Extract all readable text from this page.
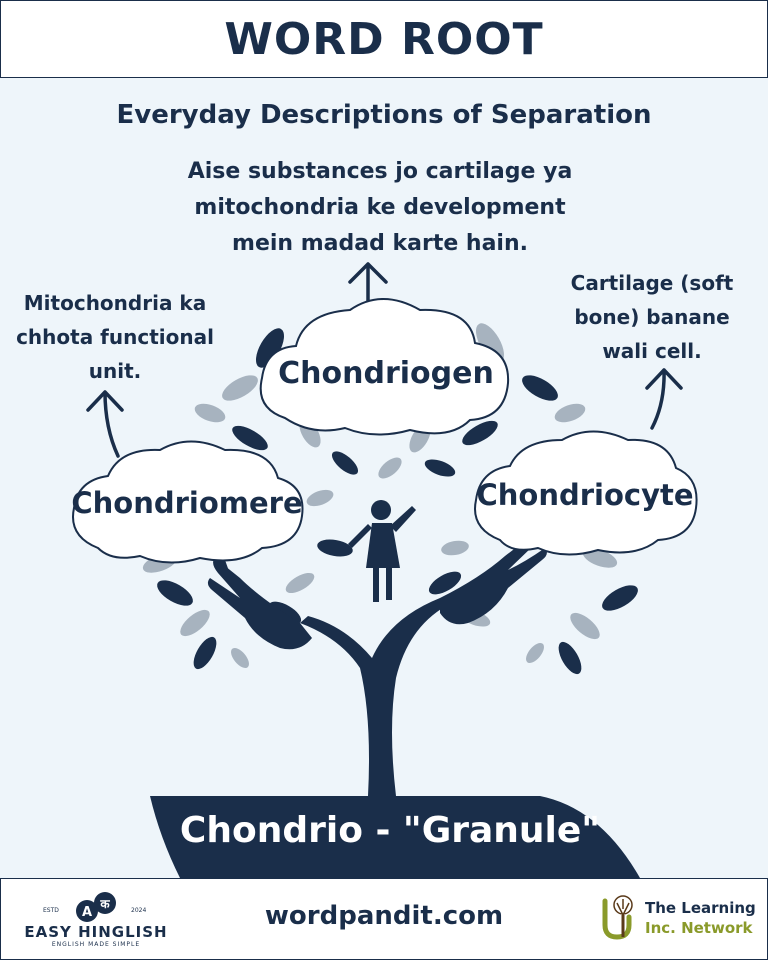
WORD ROOT
Everyday Descriptions of Separation
Aise substances jo cartilage ya
mitochondria ke development
mein madad karte hain.
Mitochondria ka
chhota functional
unit.
Cartilage (soft
bone) banane
wali cell.
Chondriogen
Chondriomere	Chondriocyte
Chondrio - "Granule"
A
क
ESTD	2024
EASY HINGLISH
ENGLISH MADE SIMPLE
wordpandit.com	The Learning
Inc. Network
